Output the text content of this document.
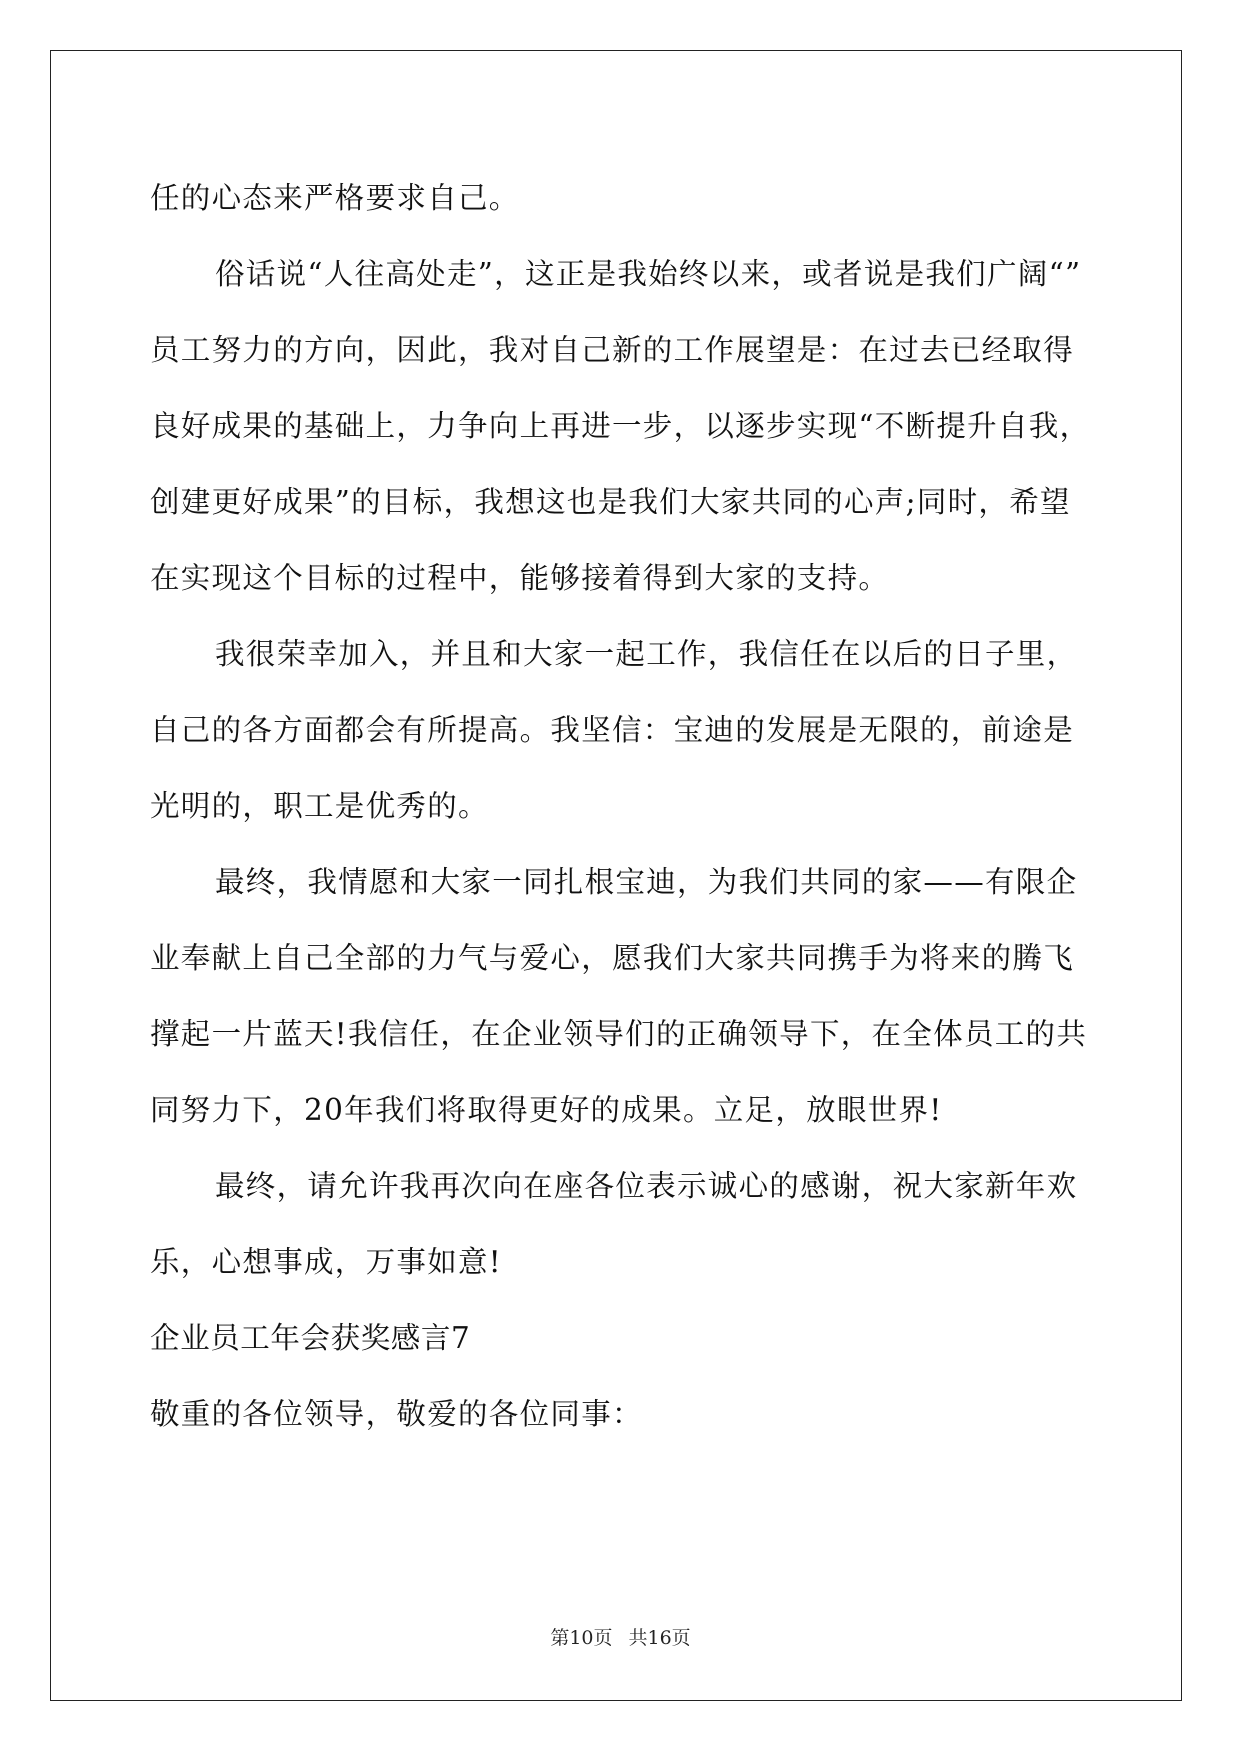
任的心态来严格要求自己。
俗话说“人往高处走”，这正是我始终以来，或者说是我们广阔“”
员工努力的方向，因此，我对自己新的工作展望是：在过去已经取得
良好成果的基础上，力争向上再进一步，以逐步实现“不断提升自我，
创建更好成果”的目标，我想这也是我们大家共同的心声;同时，希望
在实现这个目标的过程中，能够接着得到大家的支持。
我很荣幸加入，并且和大家一起工作，我信任在以后的日子里，
自己的各方面都会有所提高。我坚信：宝迪的发展是无限的，前途是
光明的，职工是优秀的。
最终，我情愿和大家一同扎根宝迪，为我们共同的家——有限企
业奉献上自己全部的力气与爱心，愿我们大家共同携手为将来的腾飞
撑起一片蓝天!我信任，在企业领导们的正确领导下，在全体员工的共
同努力下，20年我们将取得更好的成果。立足，放眼世界!
最终，请允许我再次向在座各位表示诚心的感谢，祝大家新年欢
乐，心想事成，万事如意!
企业员工年会获奖感言7
敬重的各位领导，敬爱的各位同事：
第10页 共16页
